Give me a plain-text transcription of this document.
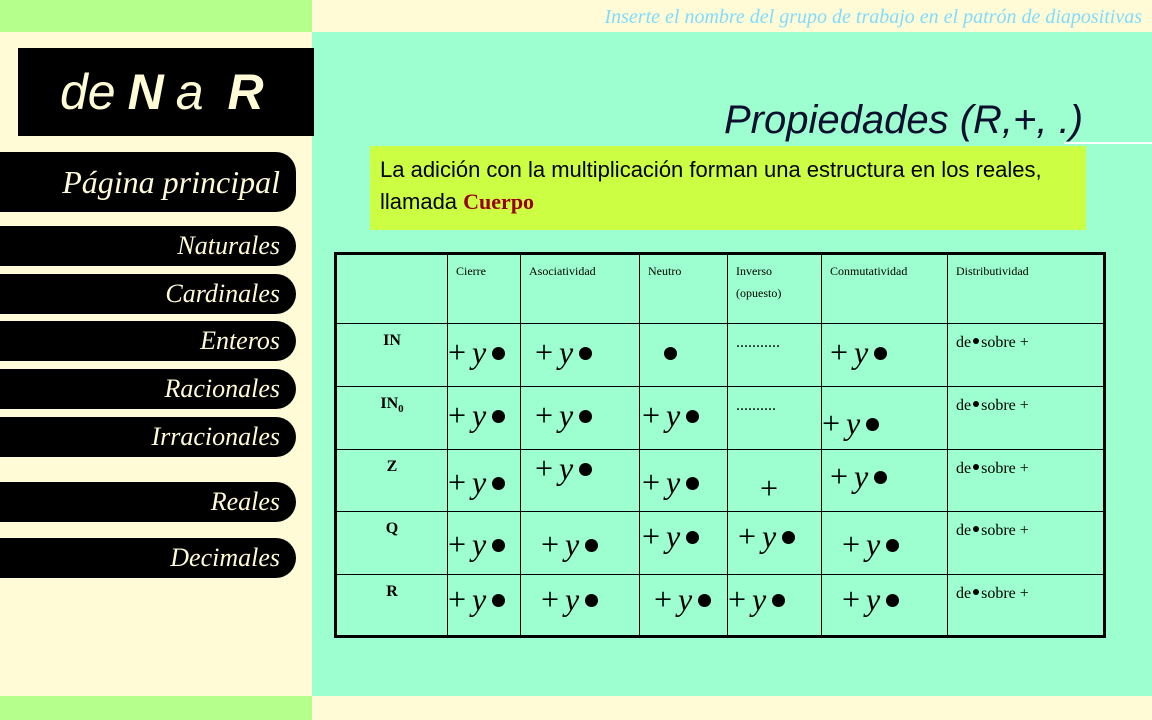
Inserte el nombre del grupo de trabajo en el patrón de diapositivas
de N a R
Página principal
Naturales
Cardinales
Enteros
Racionales
Irracionales
Reales
Decimales
Propiedades (R,+, .)
La adición con la multiplicación forman una estructura en los reales, llamada Cuerpo
	Cierre	Asociatividad	Neutro	Inverso (opuesto)	Conmutatividad	Distributividad
IN	+ y	+ y		...........	+ y	de sobre +
$IN_0$	+ y	+ y	+ y	..........	+ y	de sobre +
Z	+ y	+ y	+ y	+	+ y	de sobre +
Q	+ y	+ y	+ y	+ y	+ y	de sobre +
R	+ y	+ y	+ y	+ y	+ y	de sobre +
